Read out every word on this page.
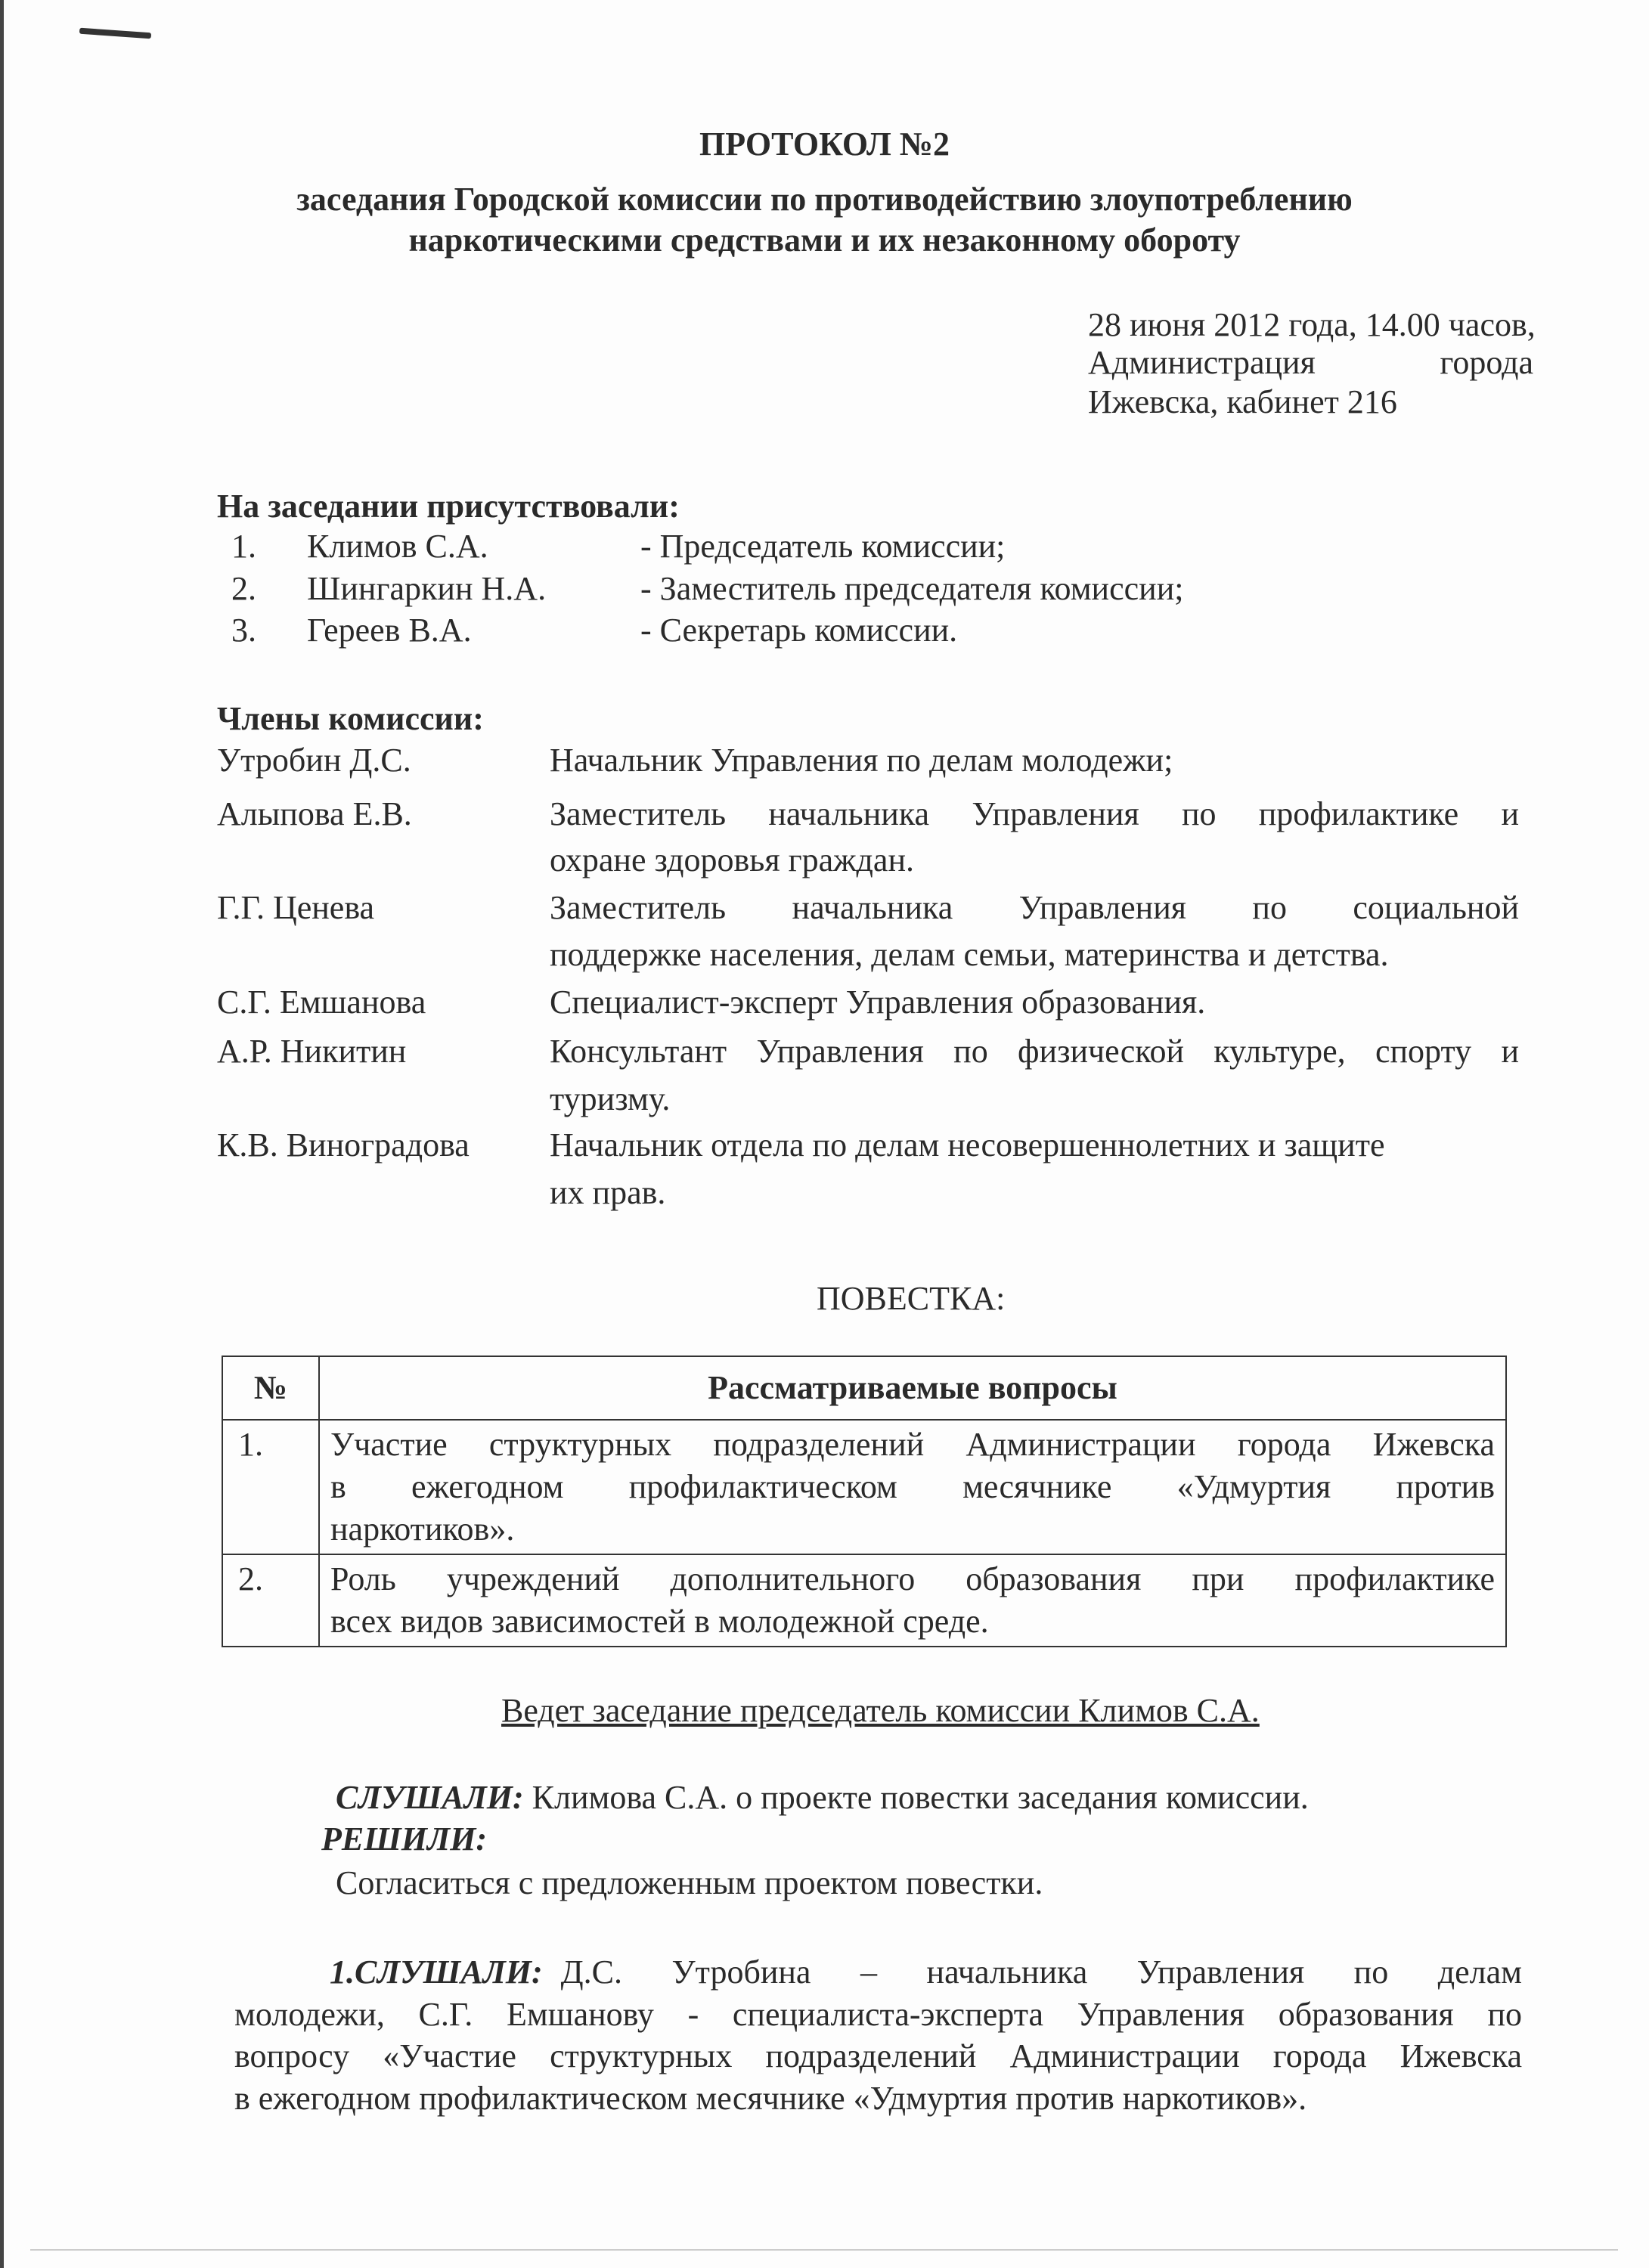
ПРОТОКОЛ №2
заседания Городской комиссии по противодействию злоупотреблению
наркотическими средствами и их незаконному обороту
28 июня 2012 года, 14.00 часов,
Администрация	города
Ижевска, кабинет 216
На заседании присутствовали:
1. Климов С.А.	- Председатель комиссии;
2. Шингаркин Н.А.	- Заместитель председателя комиссии;
3. Гереев В.А.	- Секретарь комиссии.
Члены комиссии:
Утробин Д.С.	Начальник Управления по делам молодежи;
Алыпова Е.В.	Заместитель начальника Управления по профилактике и
охране здоровья граждан.
Г.Г. Ценева	Заместитель начальника Управления по социальной
поддержке населения, делам семьи, материнства и детства.
С.Г. Емшанова	Специалист-эксперт Управления образования.
А.Р. Никитин	Консультант Управления по физической культуре, спорту и
туризму.
К.В. Виноградова Начальник отдела по делам несовершеннолетних и защите
их прав.
ПОВЕСТКА:
№	Рассматриваемые вопросы
1.	Участие структурных подразделений Администрации города Ижевска
в ежегодном профилактическом месячнике «Удмуртия против
наркотиков».

2.	Роль учреждений дополнительного образования при профилактике
всех видов зависимостей в молодежной среде.
Ведет заседание председатель комиссии Климов С.А.
СЛУШАЛИ: Климова С.А. о проекте повестки заседания комиссии.
РЕШИЛИ:
Согласиться с предложенным проектом повестки.
1.СЛУШАЛИ: Д.С. Утробина – начальника Управления по делам
молодежи, С.Г. Емшанову - специалиста-эксперта Управления образования по
вопросу «Участие структурных подразделений Администрации города Ижевска
в ежегодном профилактическом месячнике «Удмуртия против наркотиков».
